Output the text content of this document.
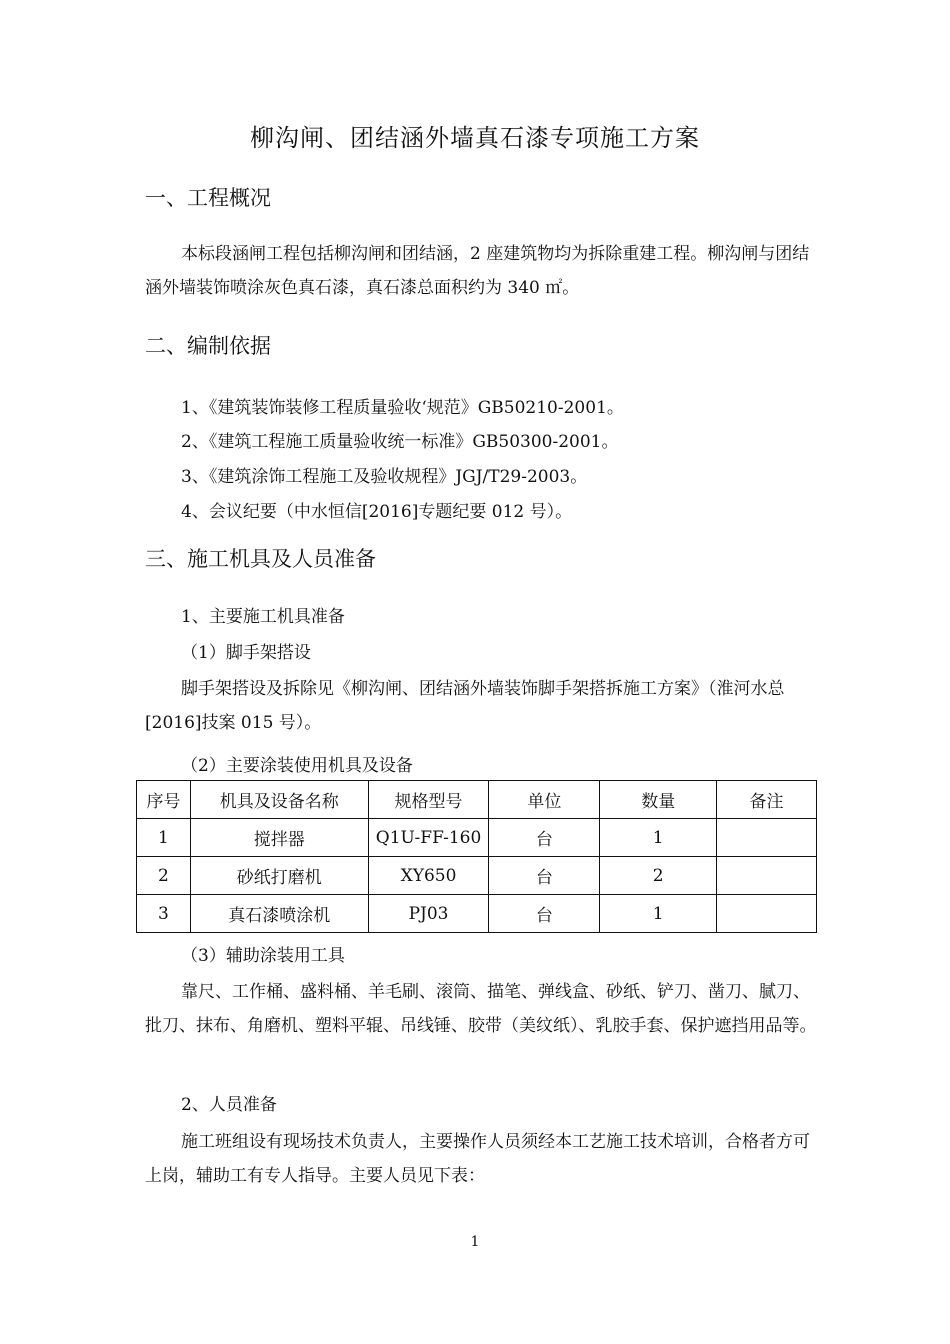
柳沟闸、团结涵外墙真石漆专项施工方案
一、工程概况
本标段涵闸工程包括柳沟闸和团结涵，2 座建筑物均为拆除重建工程。柳沟闸与团结涵外墙装饰喷涂灰色真石漆，真石漆总面积约为 340 ㎡。
二、编制依据
1、《建筑装饰装修工程质量验收‘规范》GB50210-2001。
2、《建筑工程施工质量验收统一标准》GB50300-2001。
3、《建筑涂饰工程施工及验收规程》JGJ/T29-2003。
4、会议纪要（中水恒信[2016]专题纪要 012 号）。
三、施工机具及人员准备
1、主要施工机具准备
（1）脚手架搭设
脚手架搭设及拆除见《柳沟闸、团结涵外墙装饰脚手架搭拆施工方案》（淮河水总[2016]技案 015 号）。
（2）主要涂装使用机具及设备
序号	机具及设备名称	规格型号	单位	数量	备注
1	搅拌器	Q1U-FF-160	台	1	
2	砂纸打磨机	XY650	台	2	
3	真石漆喷涂机	PJ03	台	1	
（3）辅助涂装用工具
靠尺、工作桶、盛料桶、羊毛刷、滚筒、描笔、弹线盒、砂纸、铲刀、凿刀、腻刀、批刀、抹布、角磨机、塑料平辊、吊线锤、胶带（美纹纸）、乳胶手套、保护遮挡用品等。
2、人员准备
施工班组设有现场技术负责人，主要操作人员须经本工艺施工技术培训，合格者方可上岗，辅助工有专人指导。主要人员见下表：
1
